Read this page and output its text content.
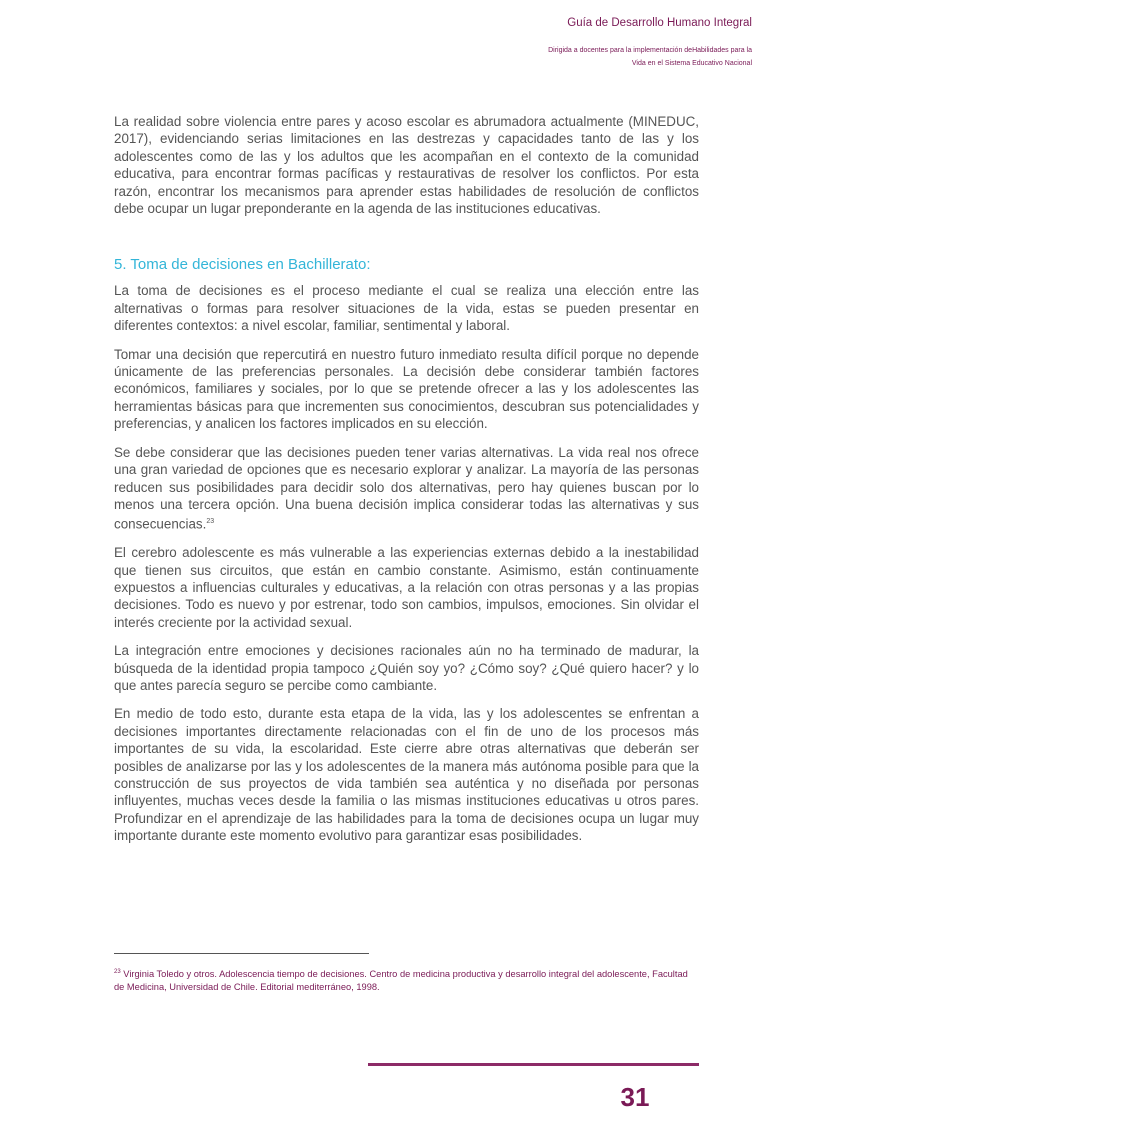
Guía de Desarrollo Humano Integral
Dirigida a docentes para la implementación deHabilidades para la
Vida en el Sistema Educativo Nacional

La realidad sobre violencia entre pares y acoso escolar es abrumadora actualmente (MINEDUC, 2017), evidenciando serias limitaciones en las destrezas y capacidades tanto de las y los adolescentes como de las y los adultos que les acompañan en el contexto de la comunidad educativa, para encontrar formas pacíficas y restaurativas de resolver los conflictos. Por esta razón, encontrar los mecanismos para aprender estas habilidades de resolución de conflictos debe ocupar un lugar preponderante en la agenda de las instituciones educativas.

5. Toma de decisiones en Bachillerato:

La toma de decisiones es el proceso mediante el cual se realiza una elección entre las alternativas o formas para resolver situaciones de la vida, estas se pueden presentar en diferentes contextos: a nivel escolar, familiar, sentimental y laboral.

Tomar una decisión que repercutirá en nuestro futuro inmediato resulta difícil porque no depende únicamente de las preferencias personales. La decisión debe considerar también factores económicos, familiares y sociales, por lo que se pretende ofrecer a las y los adolescentes las herramientas básicas para que incrementen sus conocimientos, descubran sus potencialidades y preferencias, y analicen los factores implicados en su elección.

Se debe considerar que las decisiones pueden tener varias alternativas. La vida real nos ofrece una gran variedad de opciones que es necesario explorar y analizar. La mayoría de las personas reducen sus posibilidades para decidir solo dos alternativas, pero hay quienes buscan por lo menos una tercera opción. Una buena decisión implica considerar todas las alternativas y sus consecuencias.$^{23}$

El cerebro adolescente es más vulnerable a las experiencias externas debido a la inestabilidad que tienen sus circuitos, que están en cambio constante. Asimismo, están continuamente expuestos a influencias culturales y educativas, a la relación con otras personas y a las propias decisiones. Todo es nuevo y por estrenar, todo son cambios, impulsos, emociones. Sin olvidar el interés creciente por la actividad sexual.

La integración entre emociones y decisiones racionales aún no ha terminado de madurar, la búsqueda de la identidad propia tampoco ¿Quién soy yo? ¿Cómo soy? ¿Qué quiero hacer? y lo que antes parecía seguro se percibe como cambiante.

En medio de todo esto, durante esta etapa de la vida, las y los adolescentes se enfrentan a decisiones importantes directamente relacionadas con el fin de uno de los procesos más importantes de su vida, la escolaridad. Este cierre abre otras alternativas que deberán ser posibles de analizarse por las y los adolescentes de la manera más autónoma posible para que la construcción de sus proyectos de vida también sea auténtica y no diseñada por personas influyentes, muchas veces desde la familia o las mismas instituciones educativas u otros pares. Profundizar en el aprendizaje de las habilidades para la toma de decisiones ocupa un lugar muy importante durante este momento evolutivo para garantizar esas posibilidades.

$^{23}$ Virginia Toledo y otros. Adolescencia tiempo de decisiones. Centro de medicina productiva y desarrollo integral del adolescente, Facultad de Medicina, Universidad de Chile. Editorial mediterráneo, 1998.
31
